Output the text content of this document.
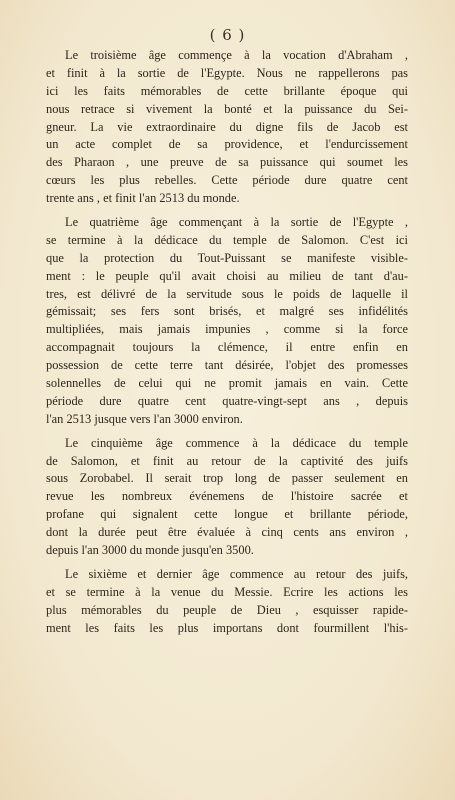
( 6 )
Le troisième âge commençe à la vocation d'Abraham ,
et finit à la sortie de l'Egypte. Nous ne rappellerons pas
ici les faits mémorables de cette brillante époque qui
nous retrace si vivement la bonté et la puissance du Sei-
gneur. La vie extraordinaire du digne fils de Jacob est
un acte complet de sa providence, et l'endurcissement
des Pharaon , une preuve de sa puissance qui soumet les
cœurs les plus rebelles. Cette période dure quatre cent
trente ans , et finit l'an 2513 du monde.
Le quatrième âge commençant à la sortie de l'Egypte ,
se termine à la dédicace du temple de Salomon. C'est ici
que la protection du Tout-Puissant se manifeste visible-
ment : le peuple qu'il avait choisi au milieu de tant d'au-
tres, est délivré de la servitude sous le poids de laquelle il
gémissait; ses fers sont brisés, et malgré ses infidélités
multipliées, mais jamais impunies , comme si la force
accompagnait toujours la clémence, il entre enfin en
possession de cette terre tant désirée, l'objet des promesses
solennelles de celui qui ne promit jamais en vain. Cette
période dure quatre cent quatre-vingt-sept ans , depuis
l'an 2513 jusque vers l'an 3000 environ.
Le cinquième âge commence à la dédicace du temple
de Salomon, et finit au retour de la captivité des juifs
sous Zorobabel. Il serait trop long de passer seulement en
revue les nombreux événemens de l'histoire sacrée et
profane qui signalent cette longue et brillante période,
dont la durée peut être évaluée à cinq cents ans environ ,
depuis l'an 3000 du monde jusqu'en 3500.
Le sixième et dernier âge commence au retour des juifs,
et se termine à la venue du Messie. Ecrire les actions les
plus mémorables du peuple de Dieu , esquisser rapide-
ment les faits les plus importans dont fourmillent l'his-
